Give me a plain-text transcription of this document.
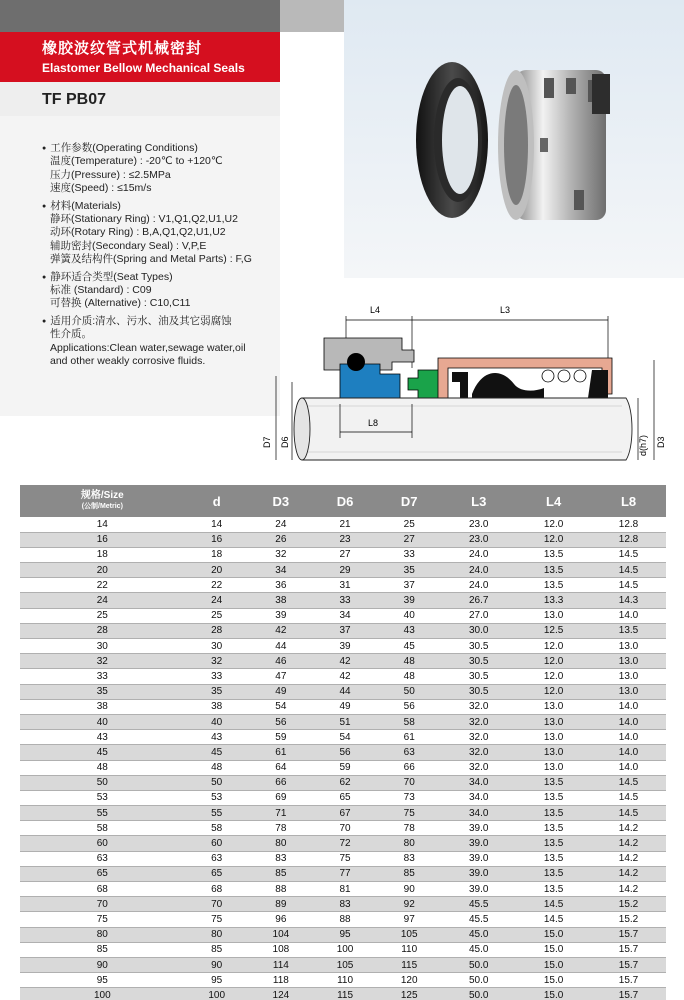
橡胶波纹管式机械密封
Elastomer Bellow Mechanical Seals
TF PB07
● 工作参数(Operating Conditions)
温度(Temperature) : -20℃ to +120℃
压力(Pressure) : ≤2.5MPa
速度(Speed) : ≤15m/s
● 材料(Materials)
静环(Stationary Ring) : V1,Q1,Q2,U1,U2
动环(Rotary Ring) : B,A,Q1,Q2,U1,U2
辅助密封(Secondary Seal) : V,P,E
弹簧及结构件(Spring and Metal Parts) : F,G
● 静环适合类型(Seat Types)
标准 (Standard) : C09
可替换 (Alternative) : C10,C11
● 适用介质:清水、污水、油及其它弱腐蚀
性介质。
Applications:Clean water,sewage water,oil
and other weakly corrosive fluids.
L4	L3
L8
D7 D6	d(h7) D3
规格/Size
(公制/Metric)	d	D3	D6	D7	L3	L4	L8
14	14	24	21	25	23.0	12.0	12.8
16	16	26	23	27	23.0	12.0	12.8
18	18	32	27	33	24.0	13.5	14.5
20	20	34	29	35	24.0	13.5	14.5
22	22	36	31	37	24.0	13.5	14.5
24	24	38	33	39	26.7	13.3	14.3
25	25	39	34	40	27.0	13.0	14.0
28	28	42	37	43	30.0	12.5	13.5
30	30	44	39	45	30.5	12.0	13.0
32	32	46	42	48	30.5	12.0	13.0
33	33	47	42	48	30.5	12.0	13.0
35	35	49	44	50	30.5	12.0	13.0
38	38	54	49	56	32.0	13.0	14.0
40	40	56	51	58	32.0	13.0	14.0
43	43	59	54	61	32.0	13.0	14.0
45	45	61	56	63	32.0	13.0	14.0
48	48	64	59	66	32.0	13.0	14.0
50	50	66	62	70	34.0	13.5	14.5
53	53	69	65	73	34.0	13.5	14.5
55	55	71	67	75	34.0	13.5	14.5
58	58	78	70	78	39.0	13.5	14.2
60	60	80	72	80	39.0	13.5	14.2
63	63	83	75	83	39.0	13.5	14.2
65	65	85	77	85	39.0	13.5	14.2
68	68	88	81	90	39.0	13.5	14.2
70	70	89	83	92	45.5	14.5	15.2
75	75	96	88	97	45.5	14.5	15.2
80	80	104	95	105	45.0	15.0	15.7
85	85	108	100	110	45.0	15.0	15.7
90	90	114	105	115	50.0	15.0	15.7
95	95	118	110	120	50.0	15.0	15.7
100	100	124	115	125	50.0	15.0	15.7
